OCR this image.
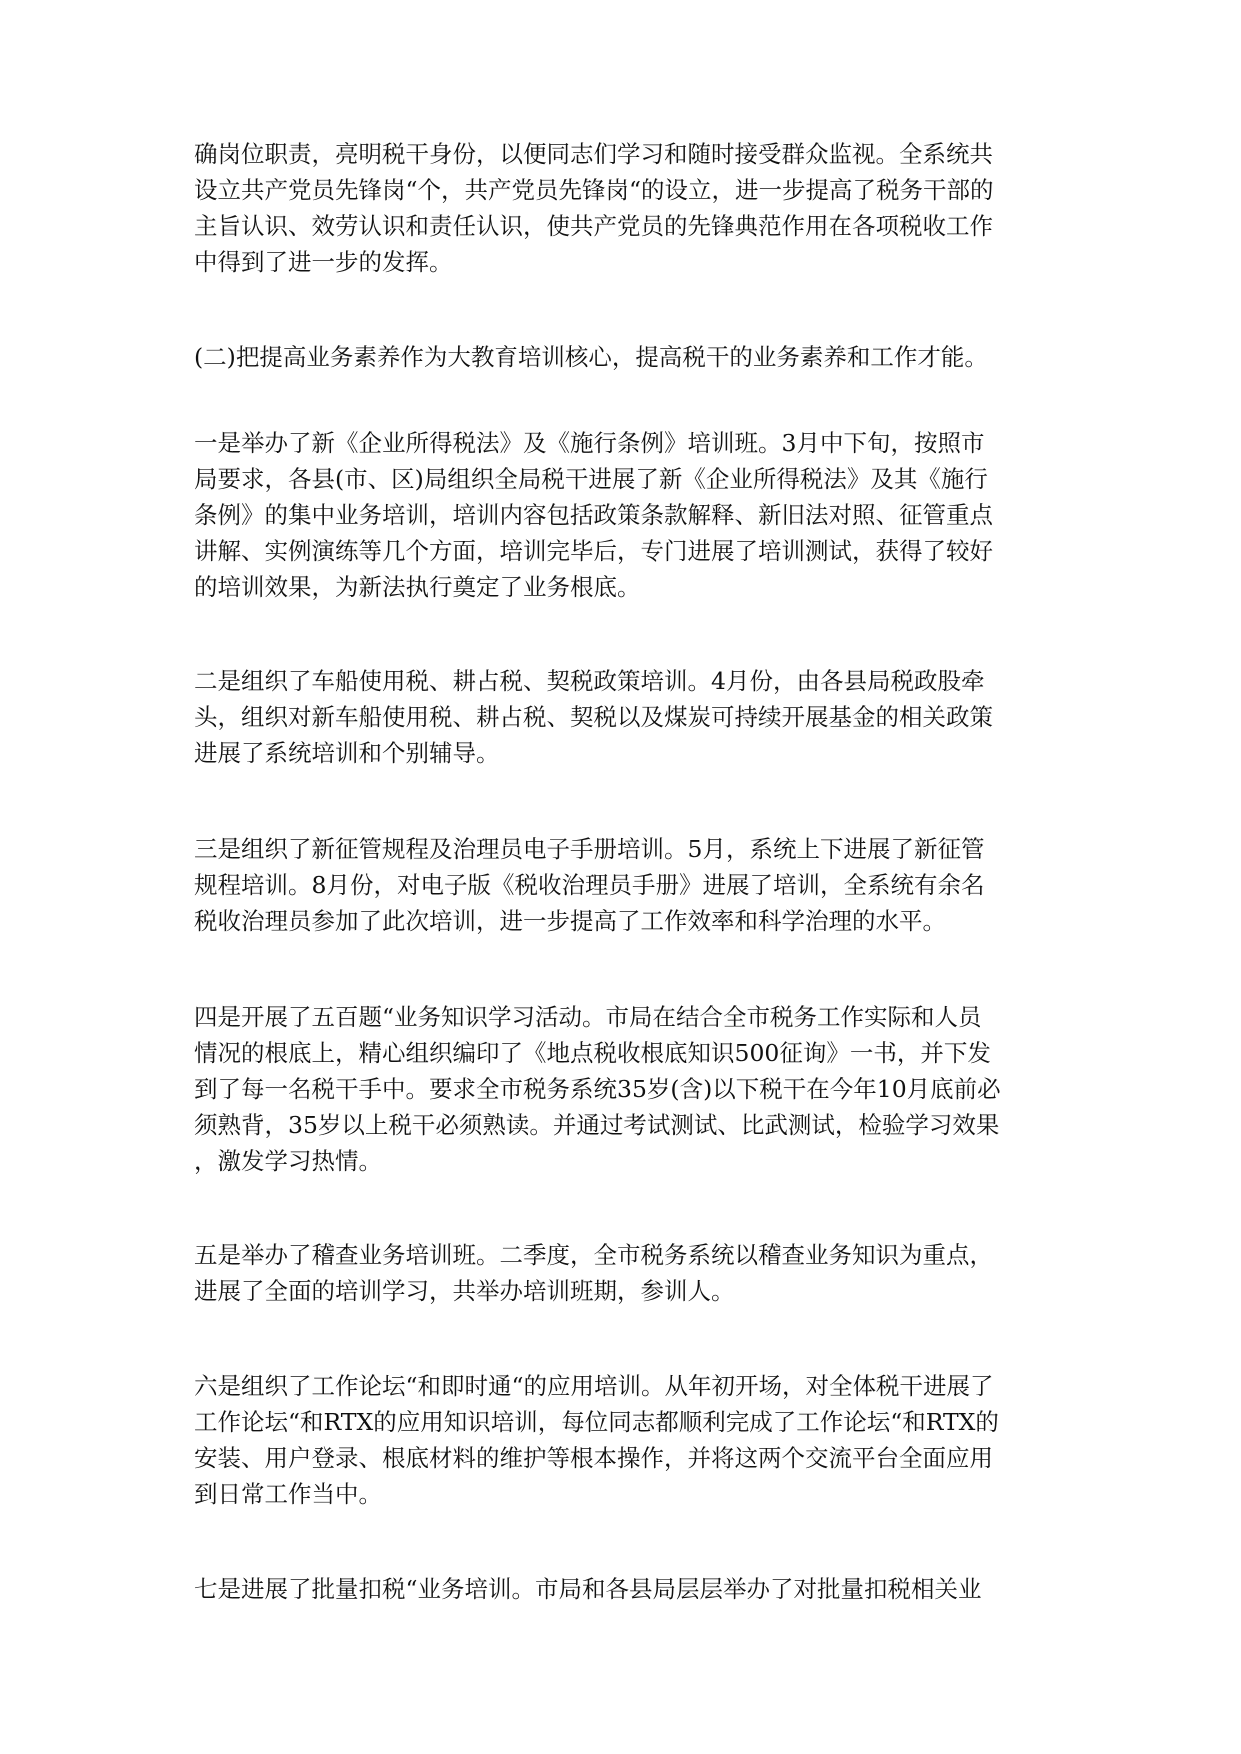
确岗位职责，亮明税干身份，以便同志们学习和随时接受群众监视。全系统共
设立共产党员先锋岗“个，共产党员先锋岗“的设立，进一步提高了税务干部的
主旨认识、效劳认识和责任认识，使共产党员的先锋典范作用在各项税收工作
中得到了进一步的发挥。
(二)把提高业务素养作为大教育培训核心，提高税干的业务素养和工作才能。
一是举办了新《企业所得税法》及《施行条例》培训班。3月中下旬，按照市
局要求，各县(市、区)局组织全局税干进展了新《企业所得税法》及其《施行
条例》的集中业务培训，培训内容包括政策条款解释、新旧法对照、征管重点
讲解、实例演练等几个方面，培训完毕后，专门进展了培训测试，获得了较好
的培训效果，为新法执行奠定了业务根底。
二是组织了车船使用税、耕占税、契税政策培训。4月份，由各县局税政股牵
头，组织对新车船使用税、耕占税、契税以及煤炭可持续开展基金的相关政策
进展了系统培训和个别辅导。
三是组织了新征管规程及治理员电子手册培训。5月，系统上下进展了新征管
规程培训。8月份，对电子版《税收治理员手册》进展了培训，全系统有余名
税收治理员参加了此次培训，进一步提高了工作效率和科学治理的水平。
四是开展了五百题“业务知识学习活动。市局在结合全市税务工作实际和人员
情况的根底上，精心组织编印了《地点税收根底知识500征询》一书，并下发
到了每一名税干手中。要求全市税务系统35岁(含)以下税干在今年10月底前必
须熟背，35岁以上税干必须熟读。并通过考试测试、比武测试，检验学习效果
，激发学习热情。
五是举办了稽查业务培训班。二季度，全市税务系统以稽查业务知识为重点，
进展了全面的培训学习，共举办培训班期，参训人。
六是组织了工作论坛“和即时通“的应用培训。从年初开场，对全体税干进展了
工作论坛“和RTX的应用知识培训，每位同志都顺利完成了工作论坛“和RTX的
安装、用户登录、根底材料的维护等根本操作，并将这两个交流平台全面应用
到日常工作当中。
七是进展了批量扣税“业务培训。市局和各县局层层举办了对批量扣税相关业
